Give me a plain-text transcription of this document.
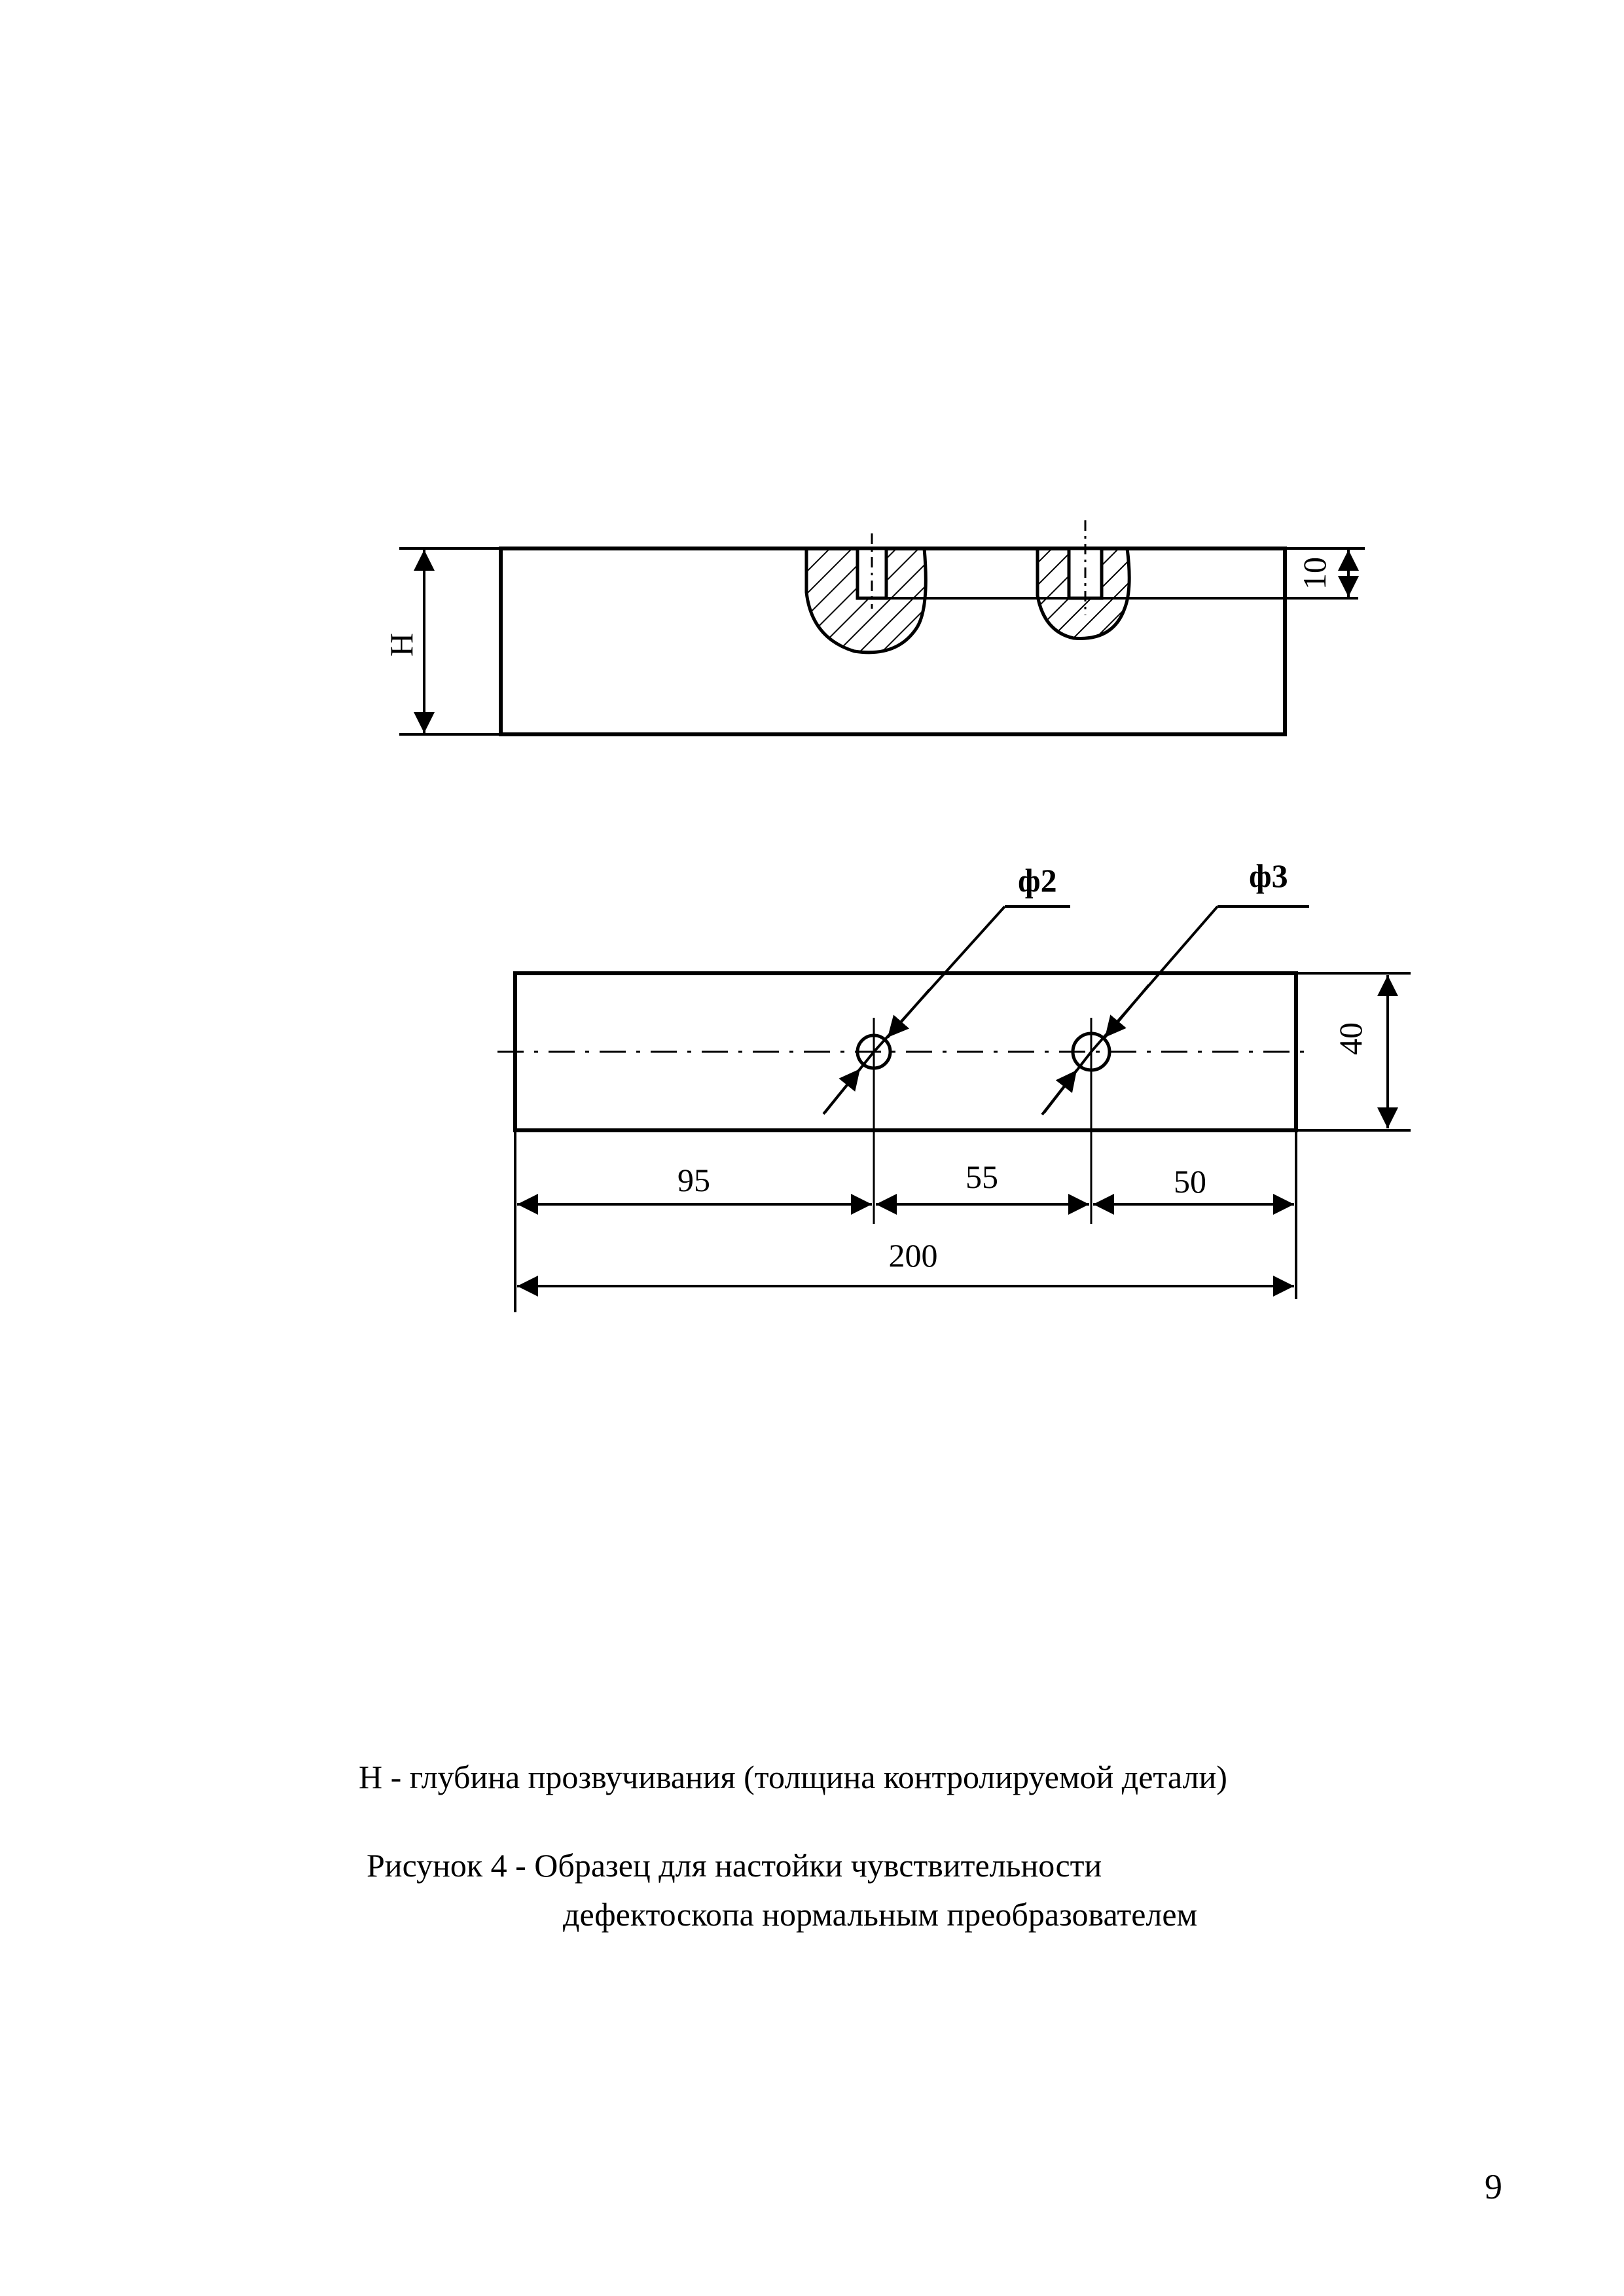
H
10
ф2	ф3
40
95	55	50
200
Н - глубина прозвучивания (толщина контролируемой детали)
Рисунок 4 - Образец для настойки чувствительности
дефектоскопа нормальным преобразователем
9
